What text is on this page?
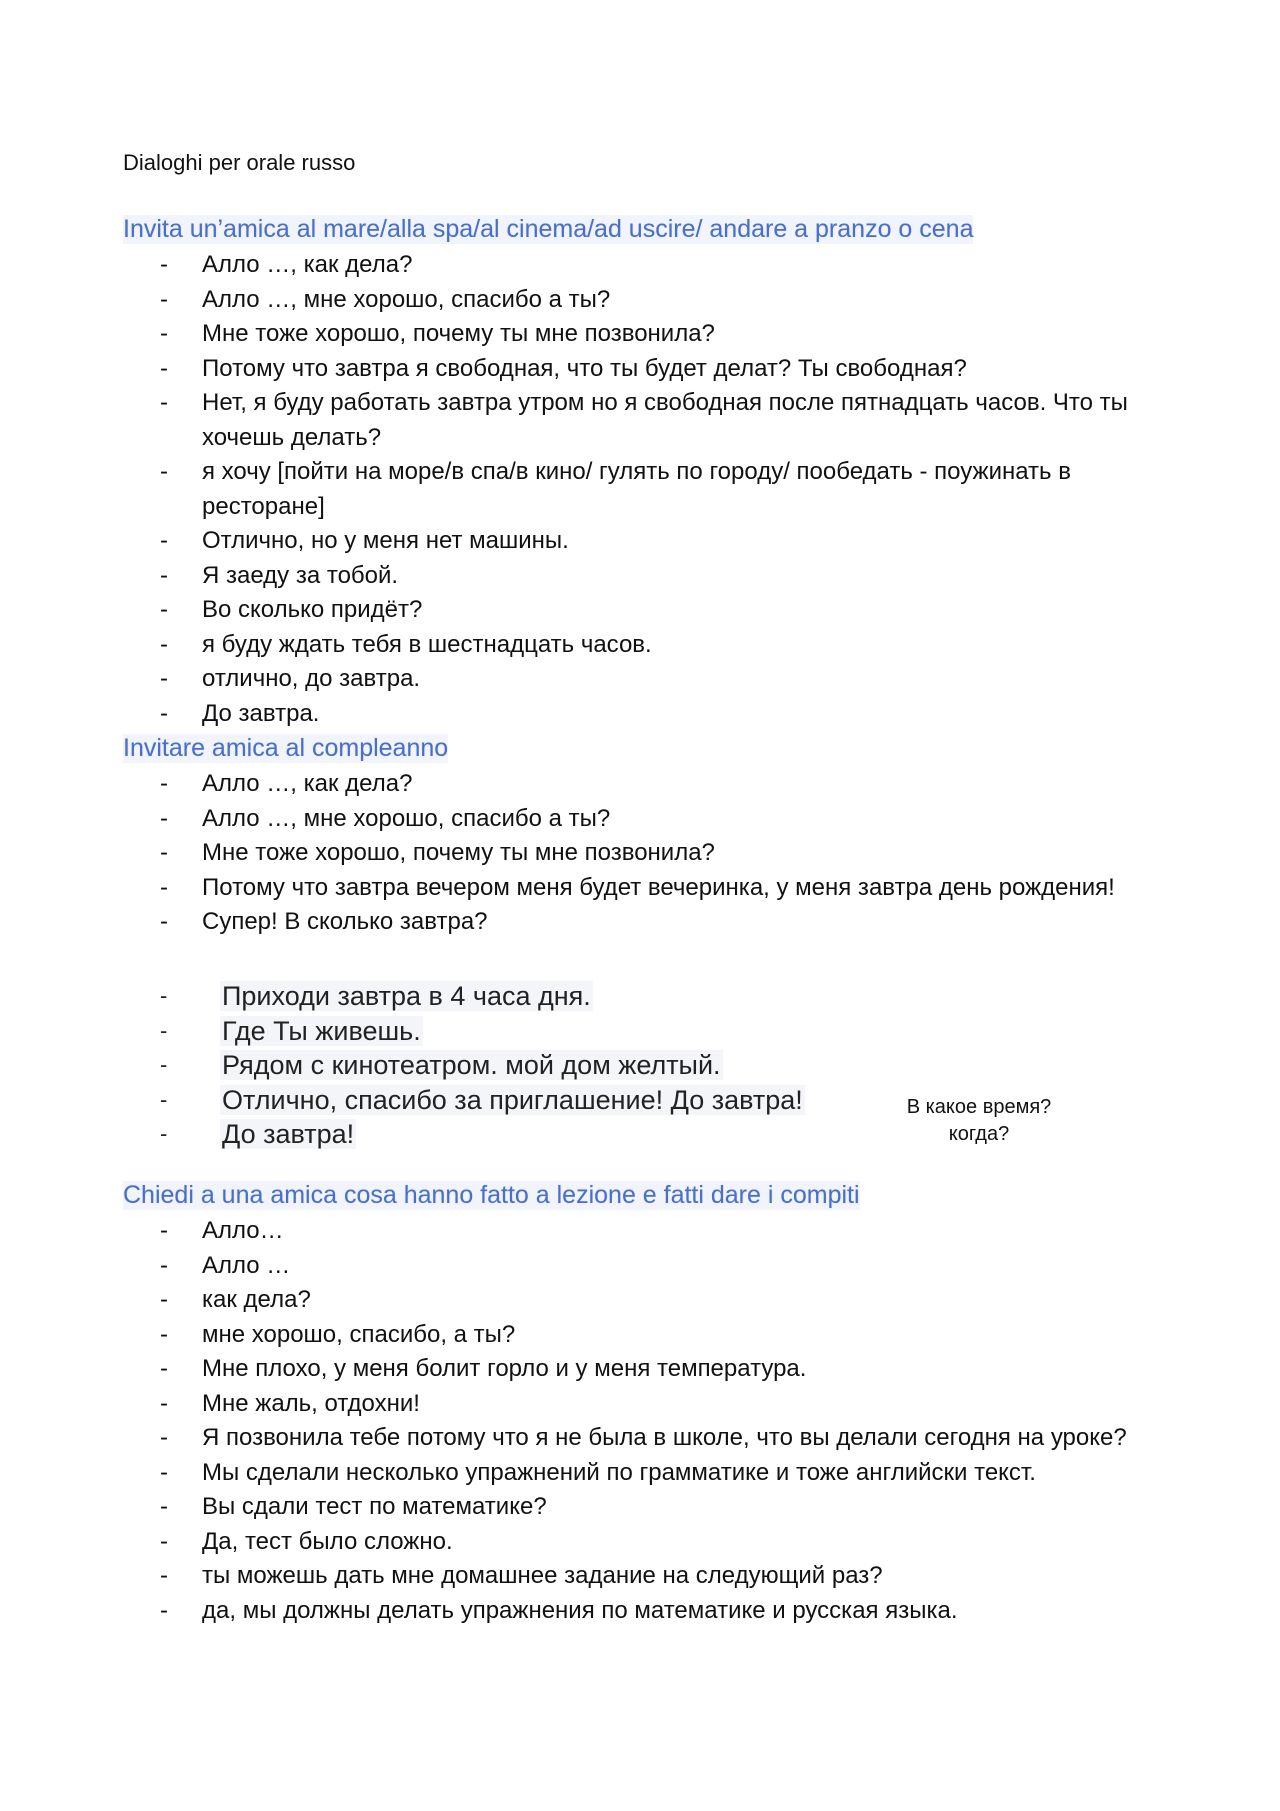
Dialoghi per orale russo
Invita un’amica al mare/alla spa/al cinema/ad uscire/ andare a pranzo o cena
-	Алло …, как дела?
-	Алло …, мне хорошо, спасибо а ты?
-	Мне тоже хорошо, почему ты мне позвонила?
-	Потому что завтра я свободная, что ты будет делат? Ты свободная?
-	Нет, я буду работать завтра утром но я свободная после пятнадцать часов. Что ты хочешь делать?
-	я хочу [пойти на море/в спа/в кино/ гулять по городу/ пообедать - поужинать в ресторане]
-	Отлично, но у меня нет машины.
-	Я заеду за тобой.
-	Во сколько придёт?
-	я буду ждать тебя в шестнадцать часов.
-	отлично, до завтра.
-	До завтра.
Invitare amica al compleanno
-	Алло …, как дела?
-	Алло …, мне хорошо, спасибо а ты?
-	Мне тоже хорошо, почему ты мне позвонила?
-	Потому что завтра вечером меня будет вечеринка, у меня завтра день рождения!
-	Супер! В сколько завтра?
-	Приходи завтра в 4 часа дня.
-	Где Ты живешь.
-	Рядом с кинотеатром. мой дом желтый.
-	Отлично, спасибо за приглашение! До завтра!
-	До завтра!
В какое время?
когда?
Chiedi a una amica cosa hanno fatto a lezione e fatti dare i compiti
-	Алло…
-	Алло …
-	как дела?
-	мне хорошо, спасибо, а ты?
-	Мне плохо, у меня болит горло и у меня температура.
-	Мне жаль, отдохни!
-	Я позвонила тебе потому что я не была в школе, что вы делали сегодня на уроке?
-	Мы сделали несколько упражнений по грамматике и тоже английски текст.
-	Вы сдали тест по математике?
-	Да, тест было сложно.
-	ты можешь дать мне домашнее задание на следующий раз?
-	да, мы должны делать упражнения по математике и русская языка.
